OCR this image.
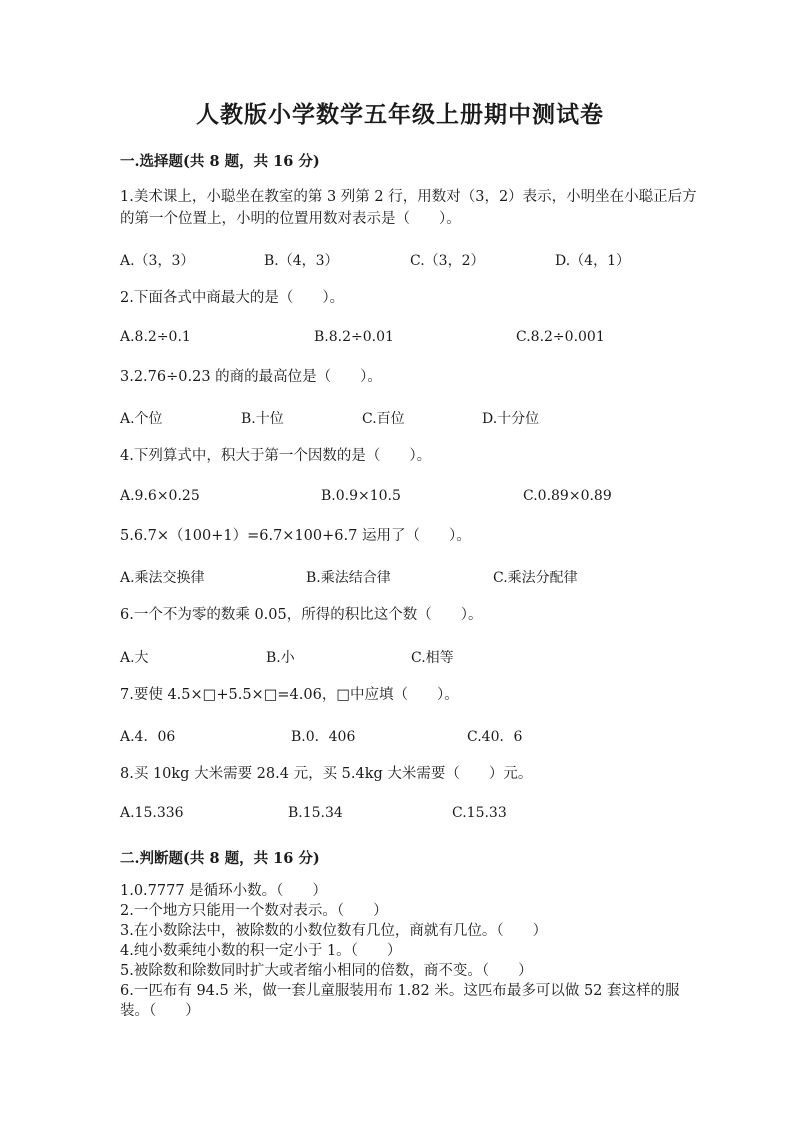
人教版小学数学五年级上册期中测试卷
一.选择题(共 8 题，共 16 分)
1.美术课上，小聪坐在教室的第 3 列第 2 行，用数对（3，2）表示，小明坐在小聪正后方的第一个位置上，小明的位置用数对表示是（　　）。
A.（3，3）	B.（4，3）	C.（3，2）	D.（4，1）
2.下面各式中商最大的是（　　）。
A.8.2÷0.1	B.8.2÷0.01	C.8.2÷0.001
3.2.76÷0.23 的商的最高位是（　　）。
A.个位	B.十位	C.百位	D.十分位
4.下列算式中，积大于第一个因数的是（　　）。
A.9.6×0.25	B.0.9×10.5	C.0.89×0.89
5.6.7×（100+1）=6.7×100+6.7 运用了（　　）。
A.乘法交换律	B.乘法结合律	C.乘法分配律
6.一个不为零的数乘 0.05，所得的积比这个数（　　）。
A.大	B.小	C.相等
7.要使 4.5×□+5.5×□=4.06，□中应填（　　）。
A.4．06	B.0．406	C.40．6
8.买 10kg 大米需要 28.4 元，买 5.4kg 大米需要（　　）元。
A.15.336	B.15.34	C.15.33
二.判断题(共 8 题，共 16 分)
1.0.7777 是循环小数。（　　）
2.一个地方只能用一个数对表示。（　　）
3.在小数除法中，被除数的小数位数有几位，商就有几位。（　　）
4.纯小数乘纯小数的积一定小于 1。（　　）
5.被除数和除数同时扩大或者缩小相同的倍数，商不变。（　　）
6.一匹布有 94.5 米，做一套儿童服装用布 1.82 米。这匹布最多可以做 52 套这样的服装。（　　）
